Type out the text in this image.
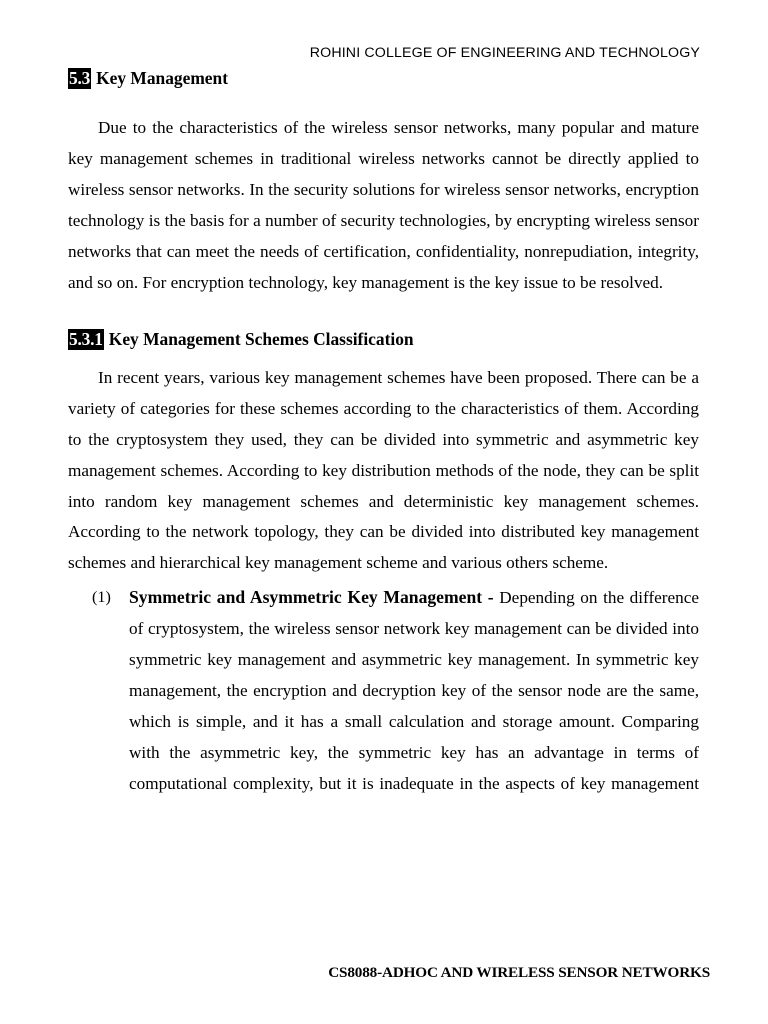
ROHINI COLLEGE OF ENGINEERING AND TECHNOLOGY
5.3 Key Management

Due to the characteristics of the wireless sensor networks, many popular and mature key management schemes in traditional wireless networks cannot be directly applied to wireless sensor networks. In the security solutions for wireless sensor networks, encryption technology is the basis for a number of security technologies, by encrypting wireless sensor networks that can meet the needs of certification, confidentiality, nonrepudiation, integrity, and so on. For encryption technology, key management is the key issue to be resolved.

5.3.1 Key Management Schemes Classification

In recent years, various key management schemes have been proposed. There can be a variety of categories for these schemes according to the characteristics of them. According to the cryptosystem they used, they can be divided into symmetric and asymmetric key management schemes. According to key distribution methods of the node, they can be split into random key management schemes and deterministic key management schemes. According to the network topology, they can be divided into distributed key management schemes and hierarchical key management scheme and various others scheme.

(1) Symmetric and Asymmetric Key Management - Depending on the difference of cryptosystem, the wireless sensor network key management can be divided into symmetric key management and asymmetric key management. In symmetric key management, the encryption and decryption key of the sensor node are the same, which is simple, and it has a small calculation and storage amount. Comparing with the asymmetric key, the symmetric key has an advantage in terms of computational complexity, but it is inadequate in the aspects of key management
CS8088-ADHOC AND WIRELESS SENSOR NETWORKS
